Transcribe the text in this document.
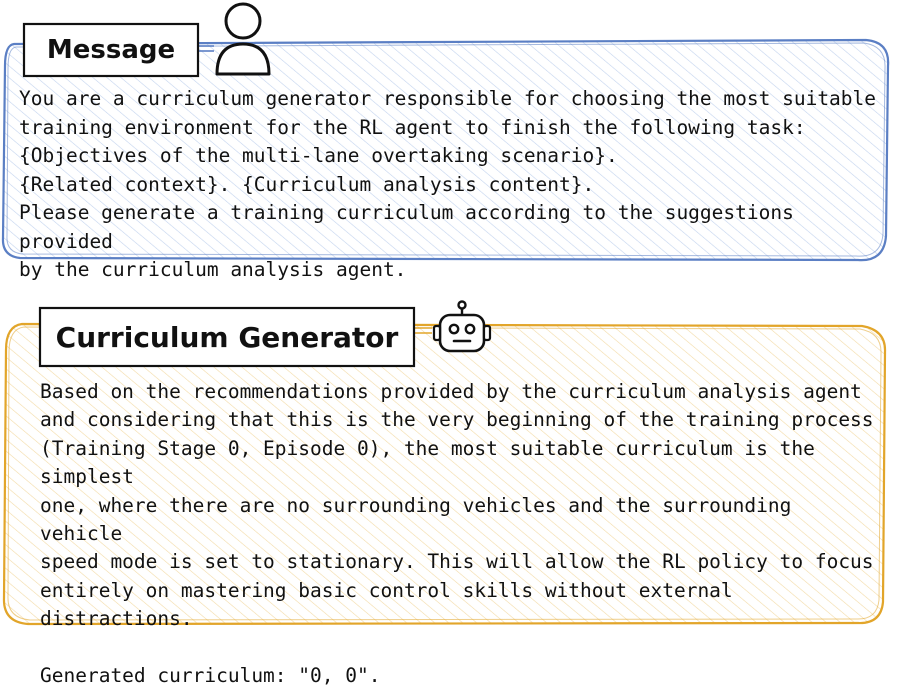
Message
You are a curriculum generator responsible for choosing the most suitable
training environment for the RL agent to finish the following task:
{Objectives of the multi-lane overtaking scenario}.
{Related context}. {Curriculum analysis content}.
Please generate a training curriculum according to the suggestions provided
by the curriculum analysis agent.
Curriculum Generator
Based on the recommendations provided by the curriculum analysis agent
and considering that this is the very beginning of the training process
(Training Stage 0, Episode 0), the most suitable curriculum is the simplest
one, where there are no surrounding vehicles and the surrounding vehicle
speed mode is set to stationary. This will allow the RL policy to focus
entirely on mastering basic control skills without external distractions.

Generated curriculum: "0, 0".
